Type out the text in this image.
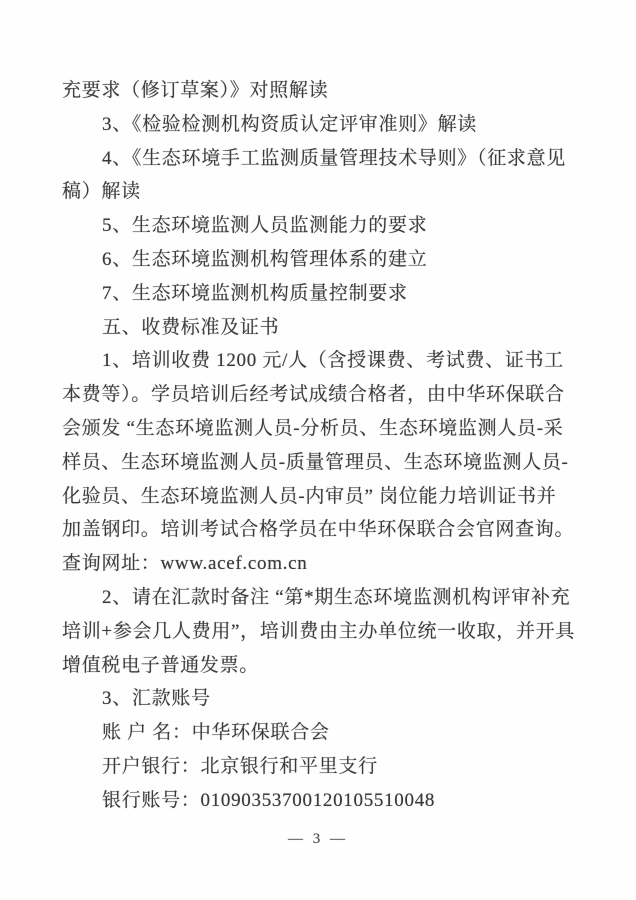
充要求（修订草案）》对照解读
3、《检验检测机构资质认定评审准则》解读
4、《生态环境手工监测质量管理技术导则》（征求意见
稿）解读
5、生态环境监测人员监测能力的要求
6、生态环境监测机构管理体系的建立
7、生态环境监测机构质量控制要求
五、收费标准及证书
1、培训收费 1200 元/人（含授课费、考试费、证书工
本费等）。学员培训后经考试成绩合格者，由中华环保联合
会颁发 “生态环境监测人员-分析员、生态环境监测人员-采
样员、生态环境监测人员-质量管理员、生态环境监测人员-
化验员、生态环境监测人员-内审员” 岗位能力培训证书并
加盖钢印。培训考试合格学员在中华环保联合会官网查询。
查询网址：www.acef.com.cn
2、请在汇款时备注 “第*期生态环境监测机构评审补充
培训+参会几人费用”，培训费由主办单位统一收取，并开具
增值税电子普通发票。
3、汇款账号
账 户 名：中华环保联合会
开户银行：北京银行和平里支行
银行账号：01090353700120105510048
— 3 —
